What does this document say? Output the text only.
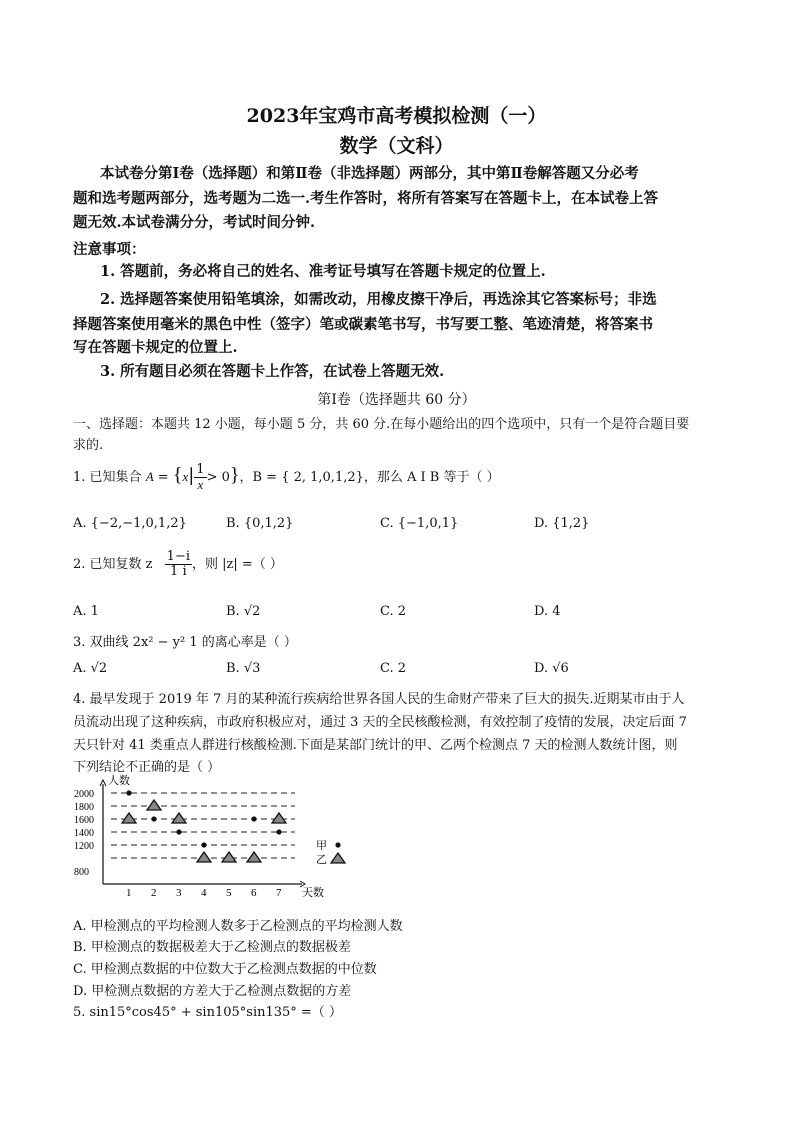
2023年宝鸡市高考模拟检测（一）
数学（文科）
本试卷分第Ⅰ卷（选择题）和第Ⅱ卷（非选择题）两部分，其中第Ⅱ卷解答题又分必考
题和选考题两部分，选考题为二选一.考生作答时，将所有答案写在答题卡上，在本试卷上答
题无效.本试卷满分分，考试时间分钟.
注意事项：
1. 答题前，务必将自己的姓名、准考证号填写在答题卡规定的位置上.
2. 选择题答案使用铅笔填涂，如需改动，用橡皮擦干净后，再选涂其它答案标号；非选
择题答案使用毫米的黑色中性（签字）笔或碳素笔书写，书写要工整、笔迹清楚，将答案书
写在答题卡规定的位置上.
3. 所有题目必须在答题卡上作答，在试卷上答题无效.
第Ⅰ卷（选择题共 60 分）
一、选择题：本题共 12 小题，每小题 5 分，共 60 分.在每小题给出的四个选项中，只有一个是符合题目要
求的.
1. 已知集合 $A = \{x| \frac{1}{x} > 0\}$，B = { 2, 1,0,1,2}，那么 A I B 等于（ ）
A. {−2,−1,0,1,2}	B. {0,1,2}	C. {−1,0,1}	D. {1,2}
2. 已知复数 z $\frac{1-i}{1 i}$ ，则 |z| =（ ）
A. 1	B. √2	C. 2	D. 4
3. 双曲线 2x² − y² 1 的离心率是（ ）
A. √2	B. √3	C. 2	D. √6
4. 最早发现于 2019 年 7 月的某种流行疾病给世界各国人民的生命财产带来了巨大的损失.近期某市由于人
员流动出现了这种疾病，市政府积极应对，通过 3 天的全民核酸检测，有效控制了疫情的发展，决定后面 7
天只针对 41 类重点人群进行核酸检测.下面是某部门统计的甲、乙两个检测点 7 天的检测人数统计图，则
下列结论不正确的是（ ）
人数
天数
800
1200
1400
1600
1800
2000
1 2 3 4 5 6 7
甲
乙
A. 甲检测点的平均检测人数多于乙检测点的平均检测人数
B. 甲检测点的数据极差大于乙检测点的数据极差
C. 甲检测点数据的中位数大于乙检测点数据的中位数
D. 甲检测点数据的方差大于乙检测点数据的方差
5. sin15°cos45° + sin105°sin135° =（ ）
